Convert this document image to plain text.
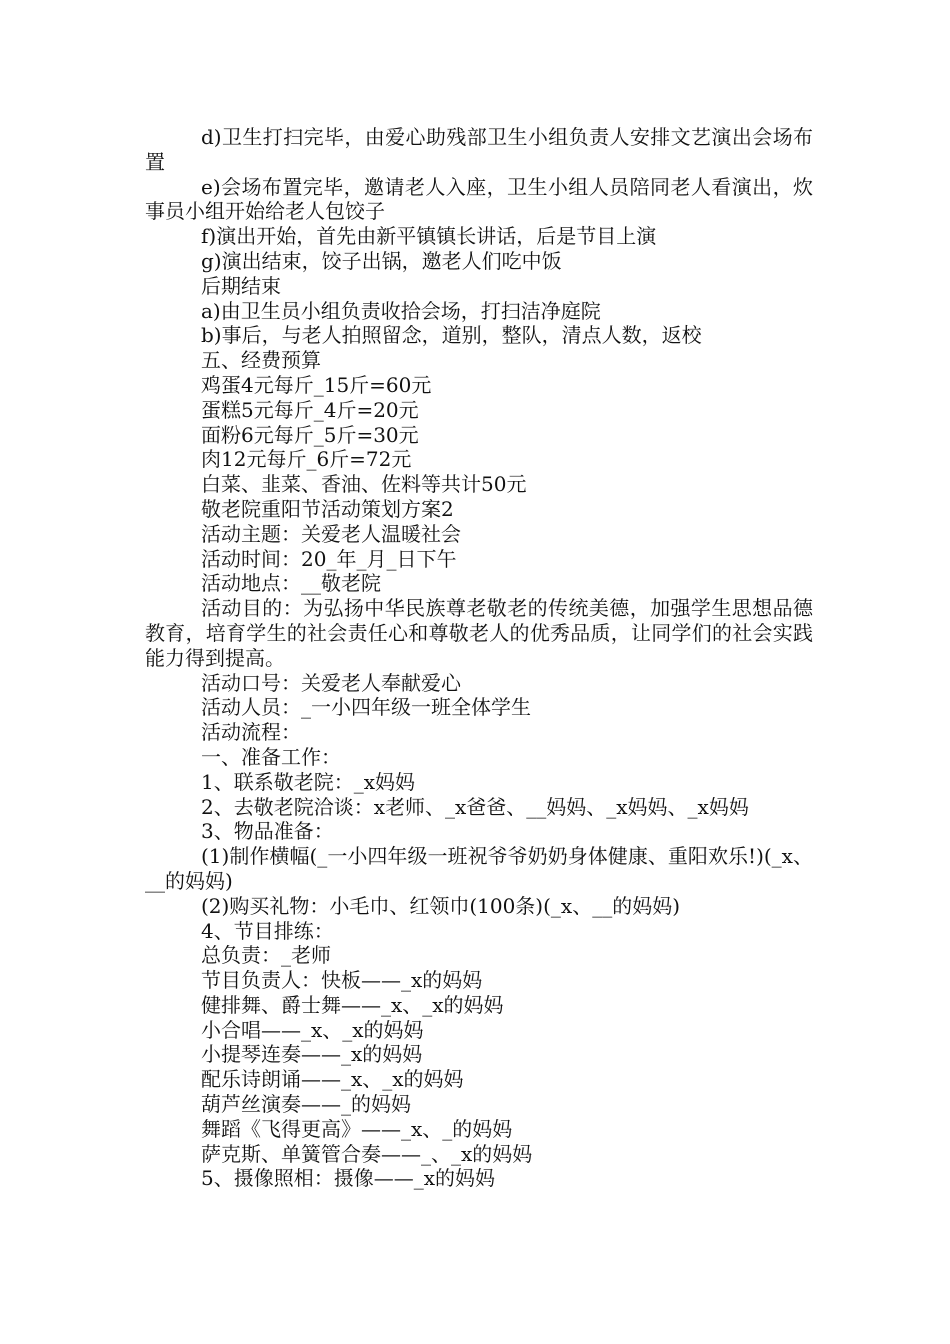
d)卫生打扫完毕，由爱心助残部卫生小组负责人安排文艺演出会场布置

e)会场布置完毕，邀请老人入座，卫生小组人员陪同老人看演出，炊事员小组开始给老人包饺子

f)演出开始，首先由新平镇镇长讲话，后是节目上演

g)演出结束，饺子出锅，邀老人们吃中饭

后期结束

a)由卫生员小组负责收拾会场，打扫洁净庭院

b)事后，与老人拍照留念，道别，整队，清点人数，返校

五、经费预算

鸡蛋4元每斤_15斤=60元

蛋糕5元每斤_4斤=20元

面粉6元每斤_5斤=30元

肉12元每斤_6斤=72元

白菜、韭菜、香油、佐料等共计50元

敬老院重阳节活动策划方案2

活动主题：关爱老人温暖社会

活动时间：20_年_月_日下午

活动地点：__敬老院

活动目的：为弘扬中华民族尊老敬老的传统美德，加强学生思想品德教育，培育学生的社会责任心和尊敬老人的优秀品质，让同学们的社会实践能力得到提高。

活动口号：关爱老人奉献爱心

活动人员：_一小四年级一班全体学生

活动流程：

一、准备工作：

1、联系敬老院：_x妈妈

2、去敬老院洽谈：x老师、_x爸爸、__妈妈、_x妈妈、_x妈妈

3、物品准备：

(1)制作横幅(_一小四年级一班祝爷爷奶奶身体健康、重阳欢乐!)(_x、__的妈妈)

(2)购买礼物：小毛巾、红领巾(100条)(_x、__的妈妈)

4、节目排练：

总负责：_老师

节目负责人：快板——_x的妈妈

健排舞、爵士舞——_x、_x的妈妈

小合唱——_x、_x的妈妈

小提琴连奏——_x的妈妈

配乐诗朗诵——_x、_x的妈妈

葫芦丝演奏——_的妈妈

舞蹈《飞得更高》——_x、_的妈妈

萨克斯、单簧管合奏——_、_x的妈妈

5、摄像照相：摄像——_x的妈妈
